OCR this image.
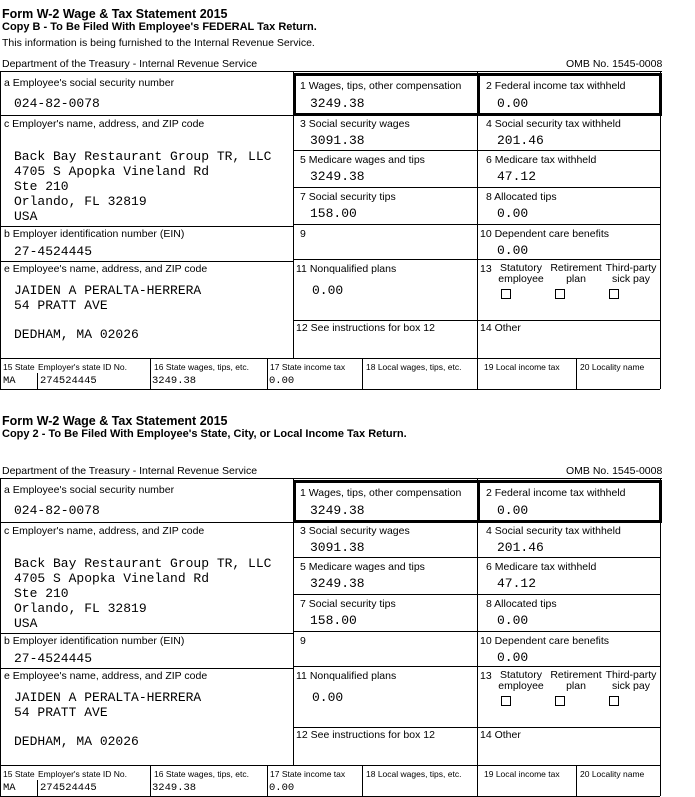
Form W-2 Wage & Tax Statement 2015
Copy B - To Be Filed With Employee's FEDERAL Tax Return.
This information is being furnished to the Internal Revenue Service.
Department of the Treasury - Internal Revenue Service	OMB No. 1545-0008
a Employee's social security number
024-82-0078
c Employer's name, address, and ZIP code
Back Bay Restaurant Group TR, LLC
4705 S Apopka Vineland Rd
Ste 210
Orlando, FL 32819
USA
b Employer identification number (EIN)
27-4524445
e Employee's name, address, and ZIP code
JAIDEN A PERALTA-HERRERA
54 PRATT AVE
DEDHAM, MA 02026
1 Wages, tips, other compensation
3249.38
2 Federal income tax withheld
0.00
3 Social security wages
3091.38
4 Social security tax withheld
201.46
5 Medicare wages and tips
3249.38
6 Medicare tax withheld
47.12
7 Social security tips
158.00
8 Allocated tips
0.00
9	10 Dependent care benefits
0.00
11 Nonqualified plans
0.00
13 Statutory employee
Retirement plan
Third-party sick pay
12 See instructions for box 12	14 Other
15 State Employer's state ID No.
MA 274524445
16 State wages, tips, etc.
3249.38
17 State income tax
0.00
18 Local wages, tips, etc.	19 Local income tax 20 Locality name
Form W-2 Wage & Tax Statement 2015
Copy 2 - To Be Filed With Employee's State, City, or Local Income Tax Return.
Department of the Treasury - Internal Revenue Service	OMB No. 1545-0008
a Employee's social security number
024-82-0078
c Employer's name, address, and ZIP code
Back Bay Restaurant Group TR, LLC
4705 S Apopka Vineland Rd
Ste 210
Orlando, FL 32819
USA
b Employer identification number (EIN)
27-4524445
e Employee's name, address, and ZIP code
JAIDEN A PERALTA-HERRERA
54 PRATT AVE
DEDHAM, MA 02026
1 Wages, tips, other compensation
3249.38
2 Federal income tax withheld
0.00
3 Social security wages
3091.38
4 Social security tax withheld
201.46
5 Medicare wages and tips
3249.38
6 Medicare tax withheld
47.12
7 Social security tips
158.00
8 Allocated tips
0.00
9	10 Dependent care benefits
0.00
11 Nonqualified plans
0.00
13 Statutory employee
Retirement plan
Third-party sick pay
12 See instructions for box 12	14 Other
15 State Employer's state ID No.
MA 274524445
16 State wages, tips, etc.
3249.38
17 State income tax
0.00
18 Local wages, tips, etc.	19 Local income tax 20 Locality name
